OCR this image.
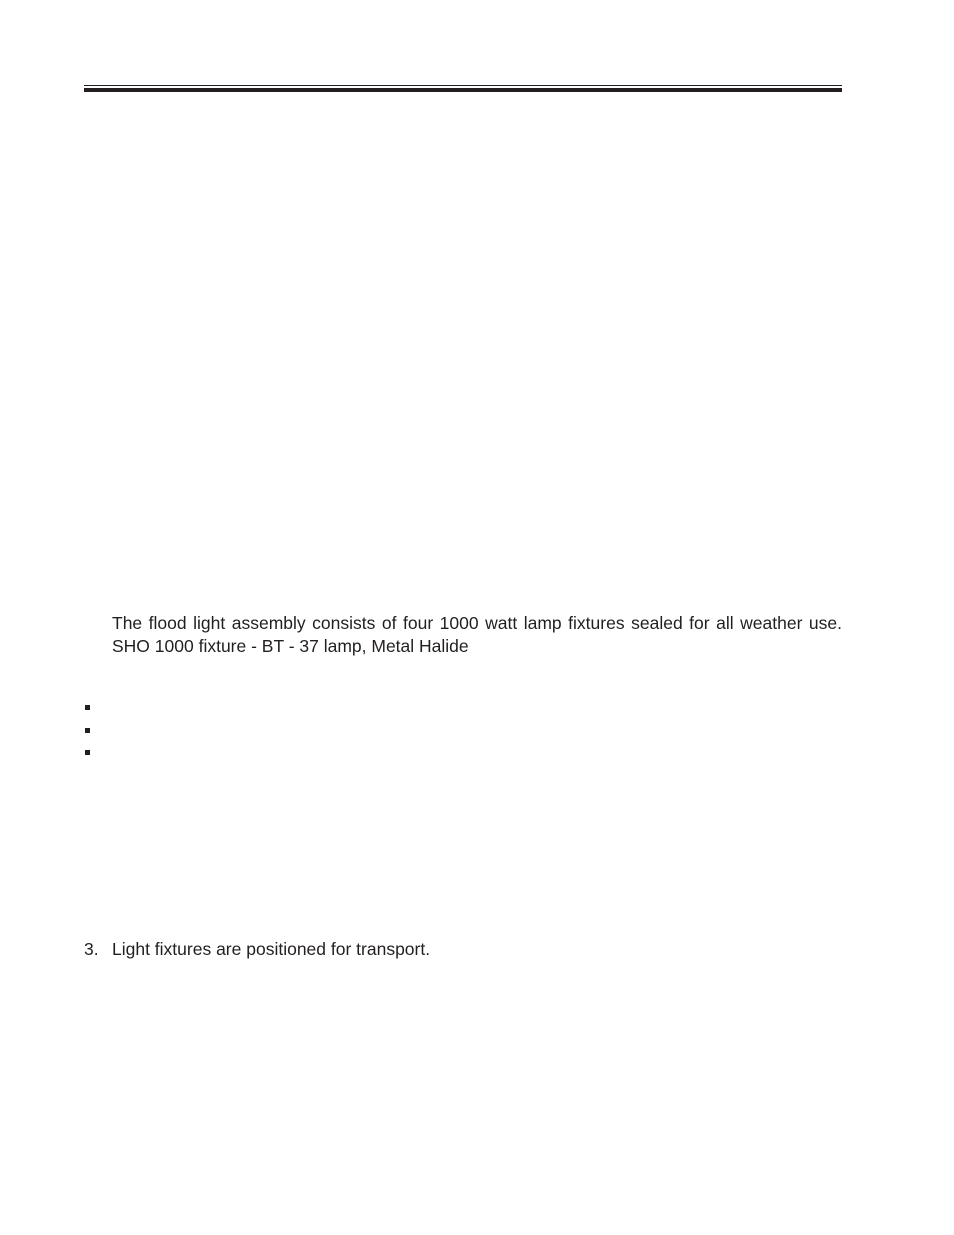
The flood light assembly consists of four 1000 watt lamp fixtures sealed for all weather use. SHO 1000 fixture - BT - 37 lamp, Metal Halide

3. Light fixtures are positioned for transport.
